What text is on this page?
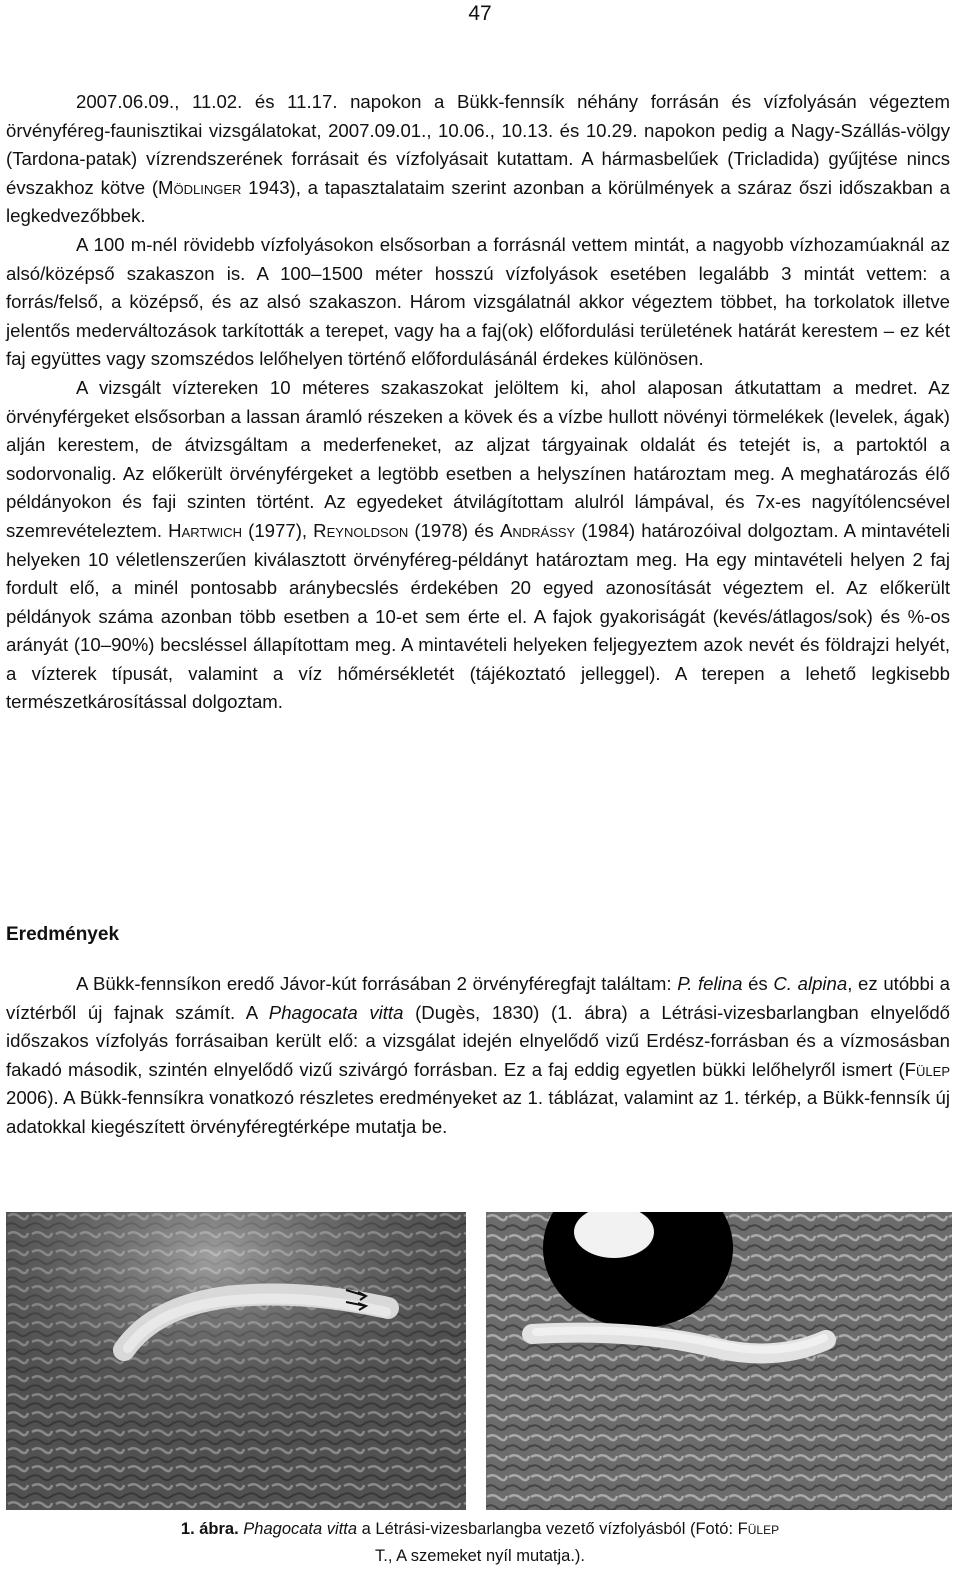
47

2007.06.09., 11.02. és 11.17. napokon a Bükk-fennsík néhány forrásán és vízfolyásán végeztem örvényféreg-faunisztikai vizsgálatokat, 2007.09.01., 10.06., 10.13. és 10.29. napokon pedig a Nagy-Szállás-völgy (Tardona-patak) vízrendszerének forrásait és vízfolyásait kutattam. A hármasbelűek (Tricladida) gyűjtése nincs évszakhoz kötve (Mödlinger 1943), a tapasztalataim szerint azonban a körülmények a száraz őszi időszakban a legkedvezőbbek.

A 100 m-nél rövidebb vízfolyásokon elsősorban a forrásnál vettem mintát, a nagyobb vízhozamúaknál az alsó/középső szakaszon is. A 100–1500 méter hosszú vízfolyások esetében legalább 3 mintát vettem: a forrás/felső, a középső, és az alsó szakaszon. Három vizsgálatnál akkor végeztem többet, ha torkolatok illetve jelentős mederváltozások tarkították a terepet, vagy ha a faj(ok) előfordulási területének határát kerestem – ez két faj együttes vagy szomszédos lelőhelyen történő előfordulásánál érdekes különösen.

A vizsgált víztereken 10 méteres szakaszokat jelöltem ki, ahol alaposan átkutattam a medret. Az örvényférgeket elsősorban a lassan áramló részeken a kövek és a vízbe hullott növényi törmelékek (levelek, ágak) alján kerestem, de átvizsgáltam a mederfeneket, az aljzat tárgyainak oldalát és tetejét is, a partoktól a sodorvonalig. Az előkerült örvényférgeket a legtöbb esetben a helyszínen határoztam meg. A meghatározás élő példányokon és faji szinten történt. Az egyedeket átvilágítottam alulról lámpával, és 7x-es nagyítólencsével szemrevételeztem. Hartwich (1977), Reynoldson (1978) és Andrássy (1984) határozóival dolgoztam. A mintavételi helyeken 10 véletlenszerűen kiválasztott örvényféreg-példányt határoztam meg. Ha egy mintavételi helyen 2 faj fordult elő, a minél pontosabb aránybecslés érdekében 20 egyed azonosítását végeztem el. Az előkerült példányok száma azonban több esetben a 10-et sem érte el. A fajok gyakoriságát (kevés/átlagos/sok) és %-os arányát (10–90%) becsléssel állapítottam meg. A mintavételi helyeken feljegyeztem azok nevét és földrajzi helyét, a vízterek típusát, valamint a víz hőmérsékletét (tájékoztató jelleggel). A terepen a lehető legkisebb természetkárosítással dolgoztam.

Eredmények

A Bükk-fennsíkon eredő Jávor-kút forrásában 2 örvényféregfajt találtam: P. felina és C. alpina, ez utóbbi a víztérből új fajnak számít. A Phagocata vitta (Dugès, 1830) (1. ábra) a Létrási-vizesbarlangban elnyelődő időszakos vízfolyás forrásaiban került elő: a vizsgálat idején elnyelődő vizű Erdész-forrásban és a vízmosásban fakadó második, szintén elnyelődő vizű szivárgó forrásban. Ez a faj eddig egyetlen bükki lelőhelyről ismert (Fülep 2006). A Bükk-fennsíkra vonatkozó részletes eredményeket az 1. táblázat, valamint az 1. térkép, a Bükk-fennsík új adatokkal kiegészített örvényféregtérképe mutatja be.

1. ábra. Phagocata vitta a Létrási-vizesbarlangba vezető vízfolyásból (Fotó: Fülep
T., A szemeket nyíl mutatja.).
